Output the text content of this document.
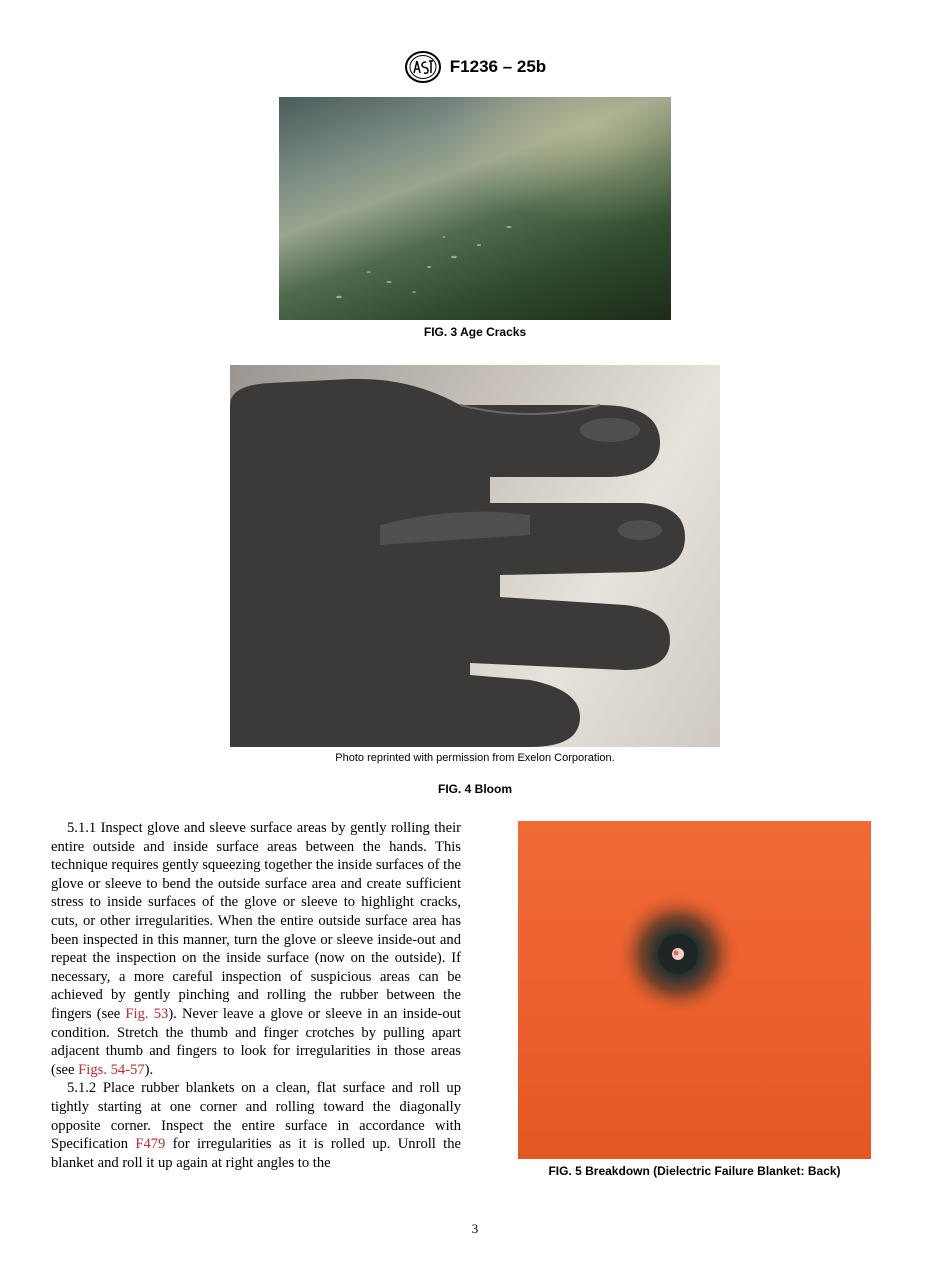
F1236 – 25b
FIG. 3 Age Cracks
Photo reprinted with permission from Exelon Corporation.
FIG. 4 Bloom

5.1.1 Inspect glove and sleeve surface areas by gently rolling their entire outside and inside surface areas between the hands. This technique requires gently squeezing together the inside surfaces of the glove or sleeve to bend the outside surface area and create sufficient stress to inside surfaces of the glove or sleeve to highlight cracks, cuts, or other irregularities. When the entire outside surface area has been inspected in this manner, turn the glove or sleeve inside-out and repeat the inspection on the inside surface (now on the outside). If necessary, a more careful inspection of suspicious areas can be achieved by gently pinching and rolling the rubber between the fingers (see Fig. 53). Never leave a glove or sleeve in an inside-out condition. Stretch the thumb and finger crotches by pulling apart adjacent thumb and fingers to look for irregularities in those areas (see Figs. 54-57).

5.1.2 Place rubber blankets on a clean, flat surface and roll up tightly starting at one corner and rolling toward the diagonally opposite corner. Inspect the entire surface in accordance with Specification F479 for irregularities as it is rolled up. Unroll the blanket and roll it up again at right angles to the

FIG. 5 Breakdown (Dielectric Failure Blanket: Back)
3
